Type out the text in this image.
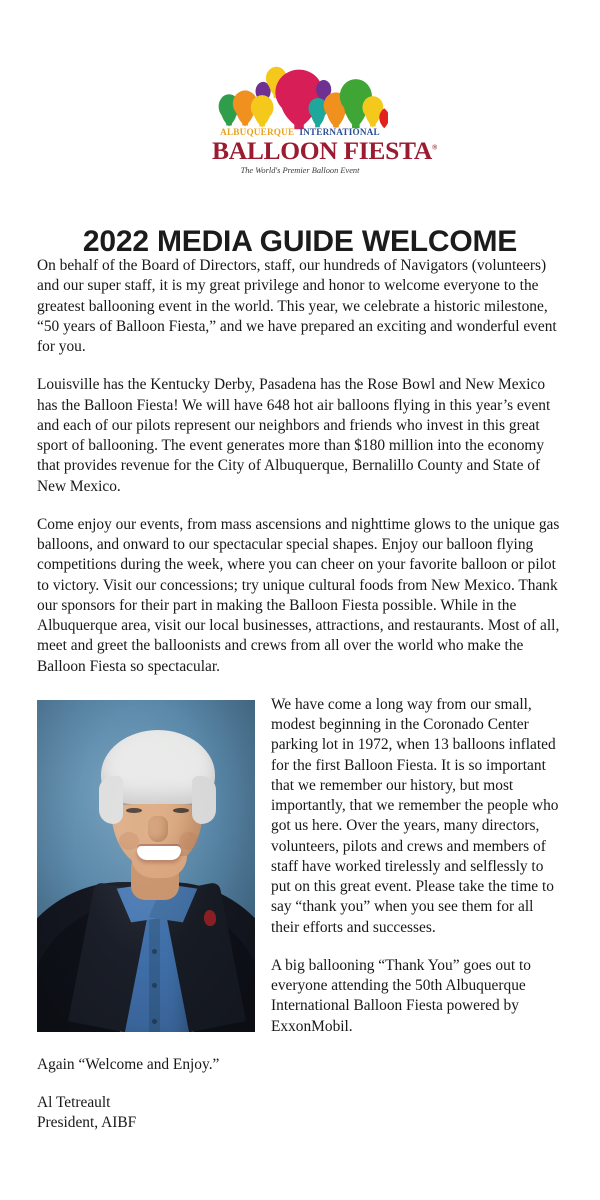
ALBUQUERQUE INTERNATIONAL
BALLOON FIESTA®
The World's Premier Balloon Event
2022 MEDIA GUIDE WELCOME

On behalf of the Board of Directors, staff, our hundreds of Navigators (volunteers) and our super staff, it is my great privilege and honor to welcome everyone to the greatest ballooning event in the world. This year, we celebrate a historic milestone, “50 years of Balloon Fiesta,” and we have prepared an exciting and wonderful event for you.

Louisville has the Kentucky Derby, Pasadena has the Rose Bowl and New Mexico has the Balloon Fiesta! We will have 648 hot air balloons flying in this year’s event and each of our pilots represent our neighbors and friends who invest in this great sport of ballooning. The event generates more than $180 million into the economy that provides revenue for the City of Albuquerque, Bernalillo County and State of New Mexico.

Come enjoy our events, from mass ascensions and nighttime glows to the unique gas balloons, and onward to our spectacular special shapes. Enjoy our balloon flying competitions during the week, where you can cheer on your favorite balloon or pilot to victory. Visit our concessions; try unique cultural foods from New Mexico. Thank our sponsors for their part in making the Balloon Fiesta possible. While in the Albuquerque area, visit our local businesses, attractions, and restaurants. Most of all, meet and greet the balloonists and crews from all over the world who make the Balloon Fiesta so spectacular.

We have come a long way from our small, modest beginning in the Coronado Center parking lot in 1972, when 13 balloons inflated for the first Balloon Fiesta. It is so important that we remember our history, but most importantly, that we remember the people who got us here. Over the years, many directors, volunteers, pilots and crews and members of staff have worked tirelessly and selflessly to put on this great event. Please take the time to say “thank you” when you see them for all their efforts and successes.

A big ballooning “Thank You” goes out to everyone attending the 50th Albuquerque International Balloon Fiesta powered by ExxonMobil.

Again “Welcome and Enjoy.”

Al Tetreault

President, AIBF
